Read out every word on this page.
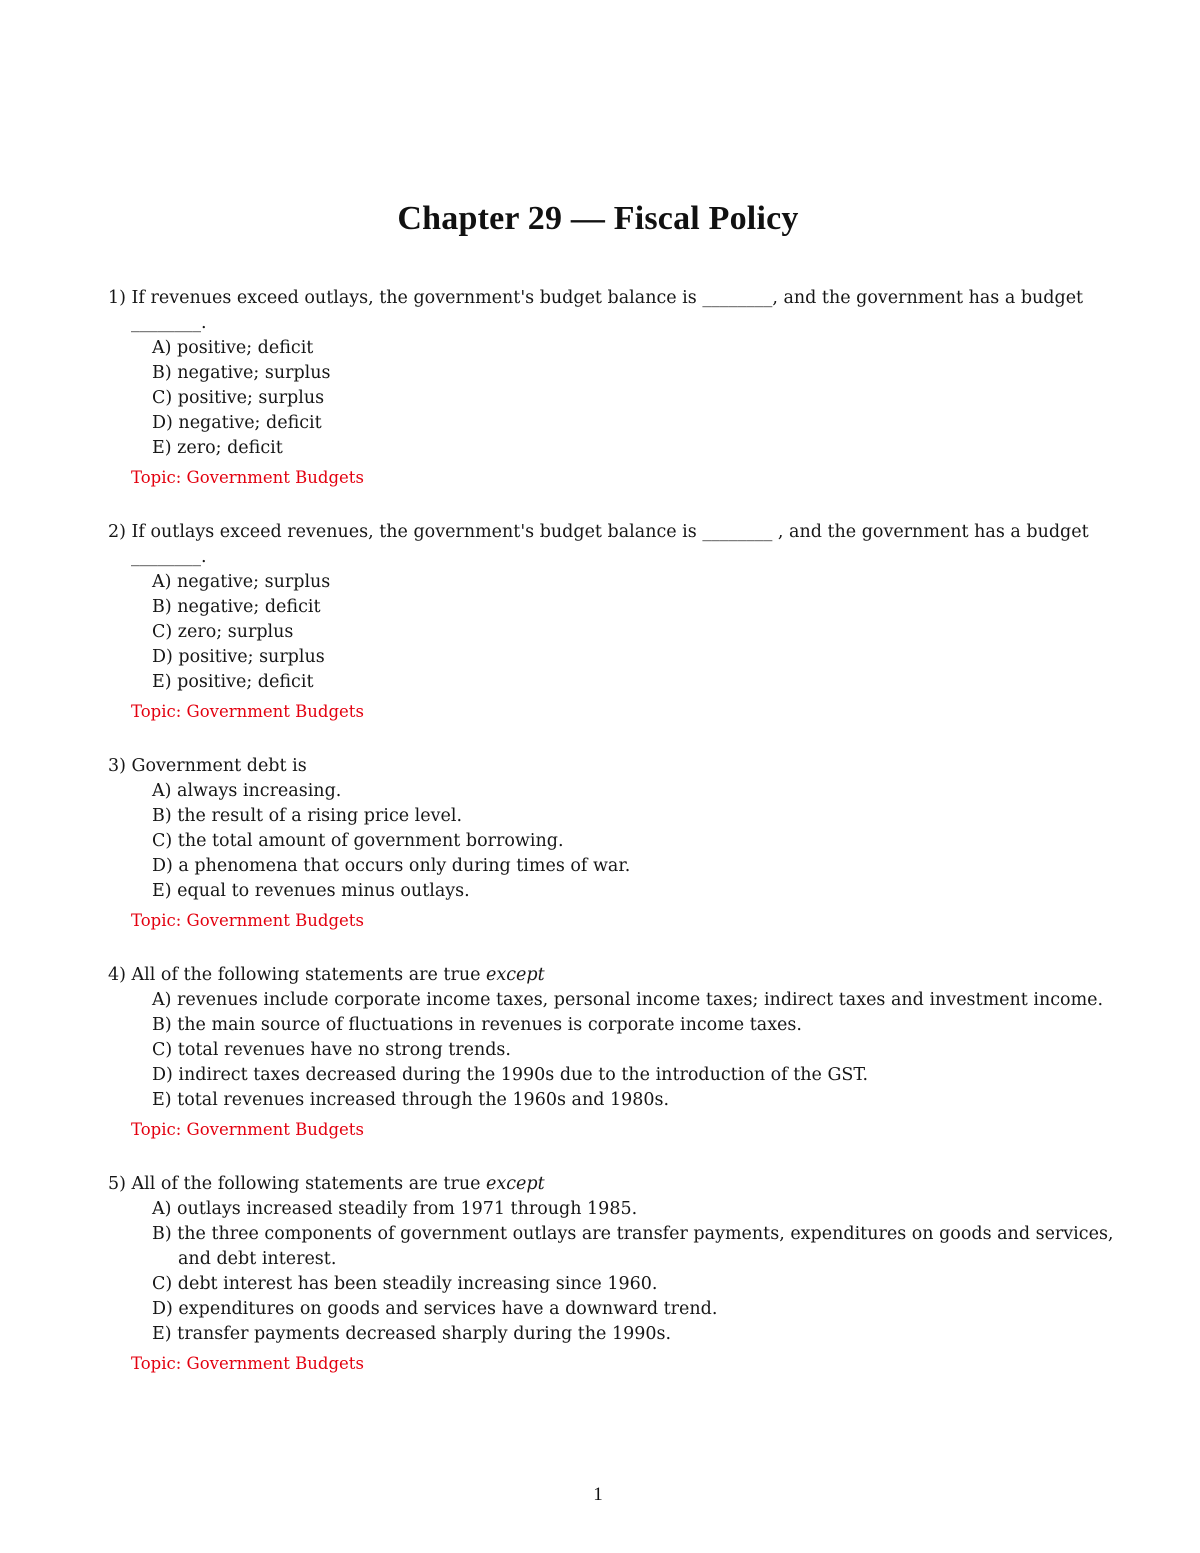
Chapter 29 — Fiscal Policy

1) If revenues exceed outlays, the government's budget balance is ________, and the government has a budget ________.

A) positive; deficit
B) negative; surplus
C) positive; surplus
D) negative; deficit
E) zero; deficit
Topic: Government Budgets

2) If outlays exceed revenues, the government's budget balance is ________ , and the government has a budget ________.

A) negative; surplus
B) negative; deficit
C) zero; surplus
D) positive; surplus
E) positive; deficit
Topic: Government Budgets

3) Government debt is

A) always increasing.
B) the result of a rising price level.
C) the total amount of government borrowing.
D) a phenomena that occurs only during times of war.
E) equal to revenues minus outlays.
Topic: Government Budgets

4) All of the following statements are true except

A) revenues include corporate income taxes, personal income taxes; indirect taxes and investment income.
B) the main source of fluctuations in revenues is corporate income taxes.
C) total revenues have no strong trends.
D) indirect taxes decreased during the 1990s due to the introduction of the GST.
E) total revenues increased through the 1960s and 1980s.
Topic: Government Budgets

5) All of the following statements are true except

A) outlays increased steadily from 1971 through 1985.
B) the three components of government outlays are transfer payments, expenditures on goods and services, and debt interest.
C) debt interest has been steadily increasing since 1960.
D) expenditures on goods and services have a downward trend.
E) transfer payments decreased sharply during the 1990s.
Topic: Government Budgets
1
